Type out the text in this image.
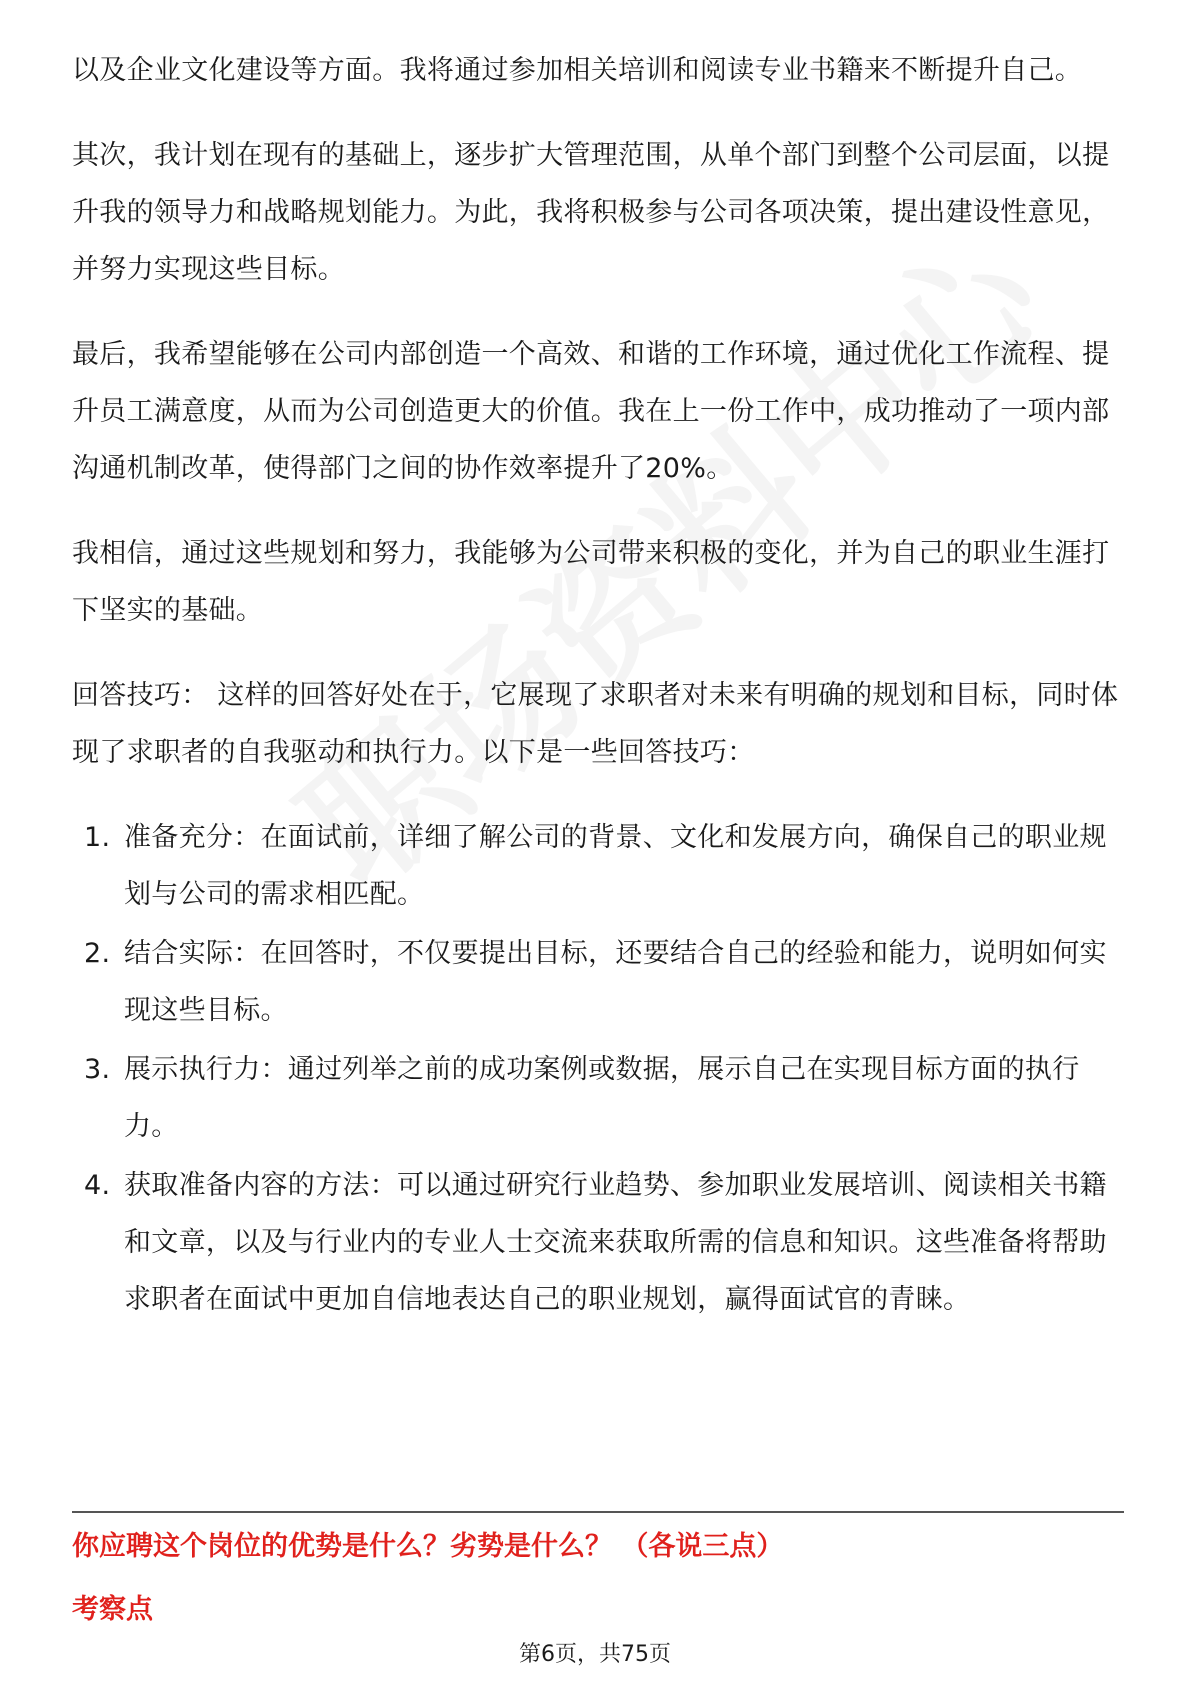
以及企业文化建设等方面。我将通过参加相关培训和阅读专业书籍来不断提升自己。

其次，我计划在现有的基础上，逐步扩大管理范围，从单个部门到整个公司层面，以提升我的领导力和战略规划能力。为此，我将积极参与公司各项决策，提出建设性意见，并努力实现这些目标。

最后，我希望能够在公司内部创造一个高效、和谐的工作环境，通过优化工作流程、提升员工满意度，从而为公司创造更大的价值。我在上一份工作中，成功推动了一项内部沟通机制改革，使得部门之间的协作效率提升了20%。

我相信，通过这些规划和努力，我能够为公司带来积极的变化，并为自己的职业生涯打下坚实的基础。

回答技巧： 这样的回答好处在于，它展现了求职者对未来有明确的规划和目标，同时体现了求职者的自我驱动和执行力。以下是一些回答技巧：

1. 准备充分：在面试前，详细了解公司的背景、文化和发展方向，确保自己的职业规划与公司的需求相匹配。
2. 结合实际：在回答时，不仅要提出目标，还要结合自己的经验和能力，说明如何实现这些目标。
3. 展示执行力：通过列举之前的成功案例或数据，展示自己在实现目标方面的执行力。
4. 获取准备内容的方法：可以通过研究行业趋势、参加职业发展培训、阅读相关书籍和文章，以及与行业内的专业人士交流来获取所需的信息和知识。这些准备将帮助求职者在面试中更加自信地表达自己的职业规划，赢得面试官的青睐。
你应聘这个岗位的优势是什么？劣势是什么？ （各说三点）
考察点
第6页，共75页
